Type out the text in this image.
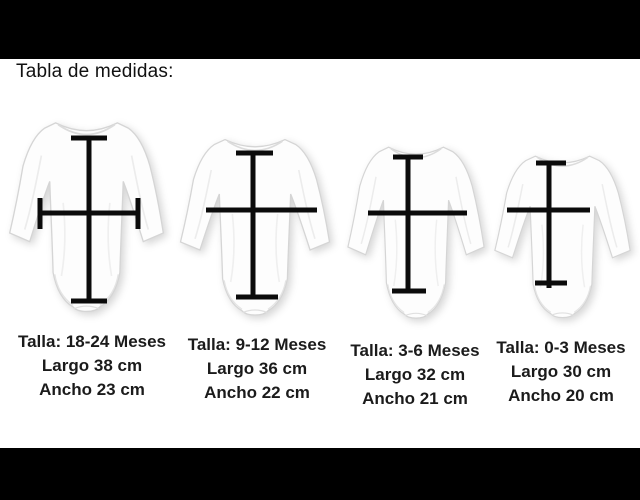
Tabla de medidas:
Talla: 18-24 Meses
Largo 38 cm
Ancho 23 cm
Talla: 9-12 Meses
Largo 36 cm
Ancho 22 cm
Talla: 3-6 Meses
Largo 32 cm
Ancho 21 cm
Talla: 0-3 Meses
Largo 30 cm
Ancho 20 cm
